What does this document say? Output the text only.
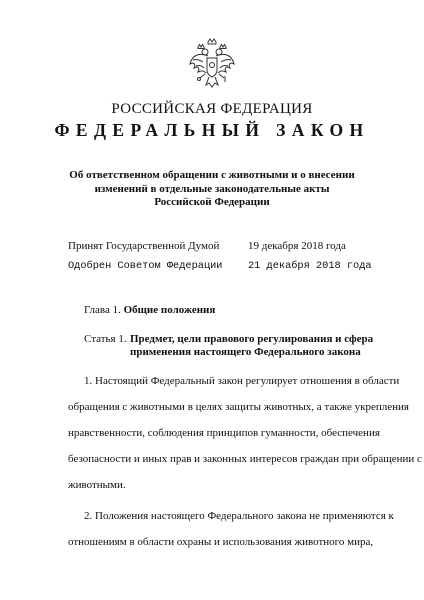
РОССИЙСКАЯ ФЕДЕРАЦИЯ
ФЕДЕРАЛЬНЫЙ ЗАКОН
Об ответственном обращении с животными и о внесении
изменений в отдельные законодательные акты
Российской Федерации
Принят Государственной Думой	19 декабря 2018 года
Одобрен Советом Федерации 21 декабря 2018 года
Глава 1. Общие положения
Статья 1. Предмет, цели правового регулирования и сфера
применения настоящего Федерального закона
1. Настоящий Федеральный закон регулирует отношения в области
обращения с животными в целях защиты животных, а также укрепления
нравственности, соблюдения принципов гуманности, обеспечения
безопасности и иных прав и законных интересов граждан при обращении с
животными.
2. Положения настоящего Федерального закона не применяются к
отношениям в области охраны и использования животного мира,
